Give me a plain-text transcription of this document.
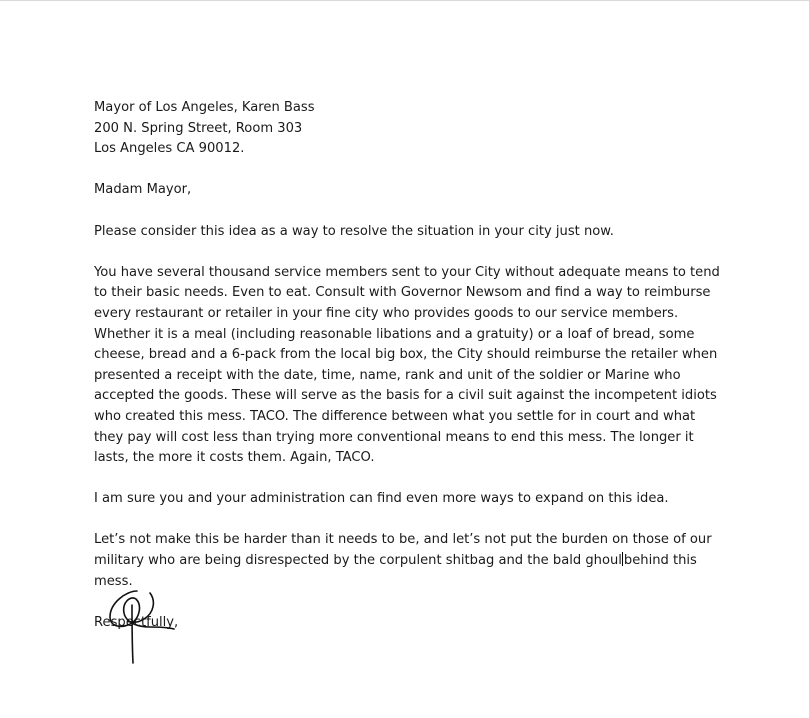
Mayor of Los Angeles, Karen Bass
200 N. Spring Street, Room 303
Los Angeles CA 90012.

Madam Mayor,

Please consider this idea as a way to resolve the situation in your city just now.

You have several thousand service members sent to your City without adequate means to tend to their basic needs. Even to eat. Consult with Governor Newsom and find a way to reimburse every restaurant or retailer in your fine city who provides goods to our service members. Whether it is a meal (including reasonable libations and a gratuity) or a loaf of bread, some cheese, bread and a 6-pack from the local big box, the City should reimburse the retailer when presented a receipt with the date, time, name, rank and unit of the soldier or Marine who accepted the goods. These will serve as the basis for a civil suit against the incompetent idiots who created this mess. TACO. The difference between what you settle for in court and what they pay will cost less than trying more conventional means to end this mess. The longer it lasts, the more it costs them. Again, TACO.

I am sure you and your administration can find even more ways to expand on this idea.

Let’s not make this be harder than it needs to be, and let’s not put the burden on those of our military who are being disrespected by the corpulent shitbag and the bald ghoul behind this mess.

Respectfully,
